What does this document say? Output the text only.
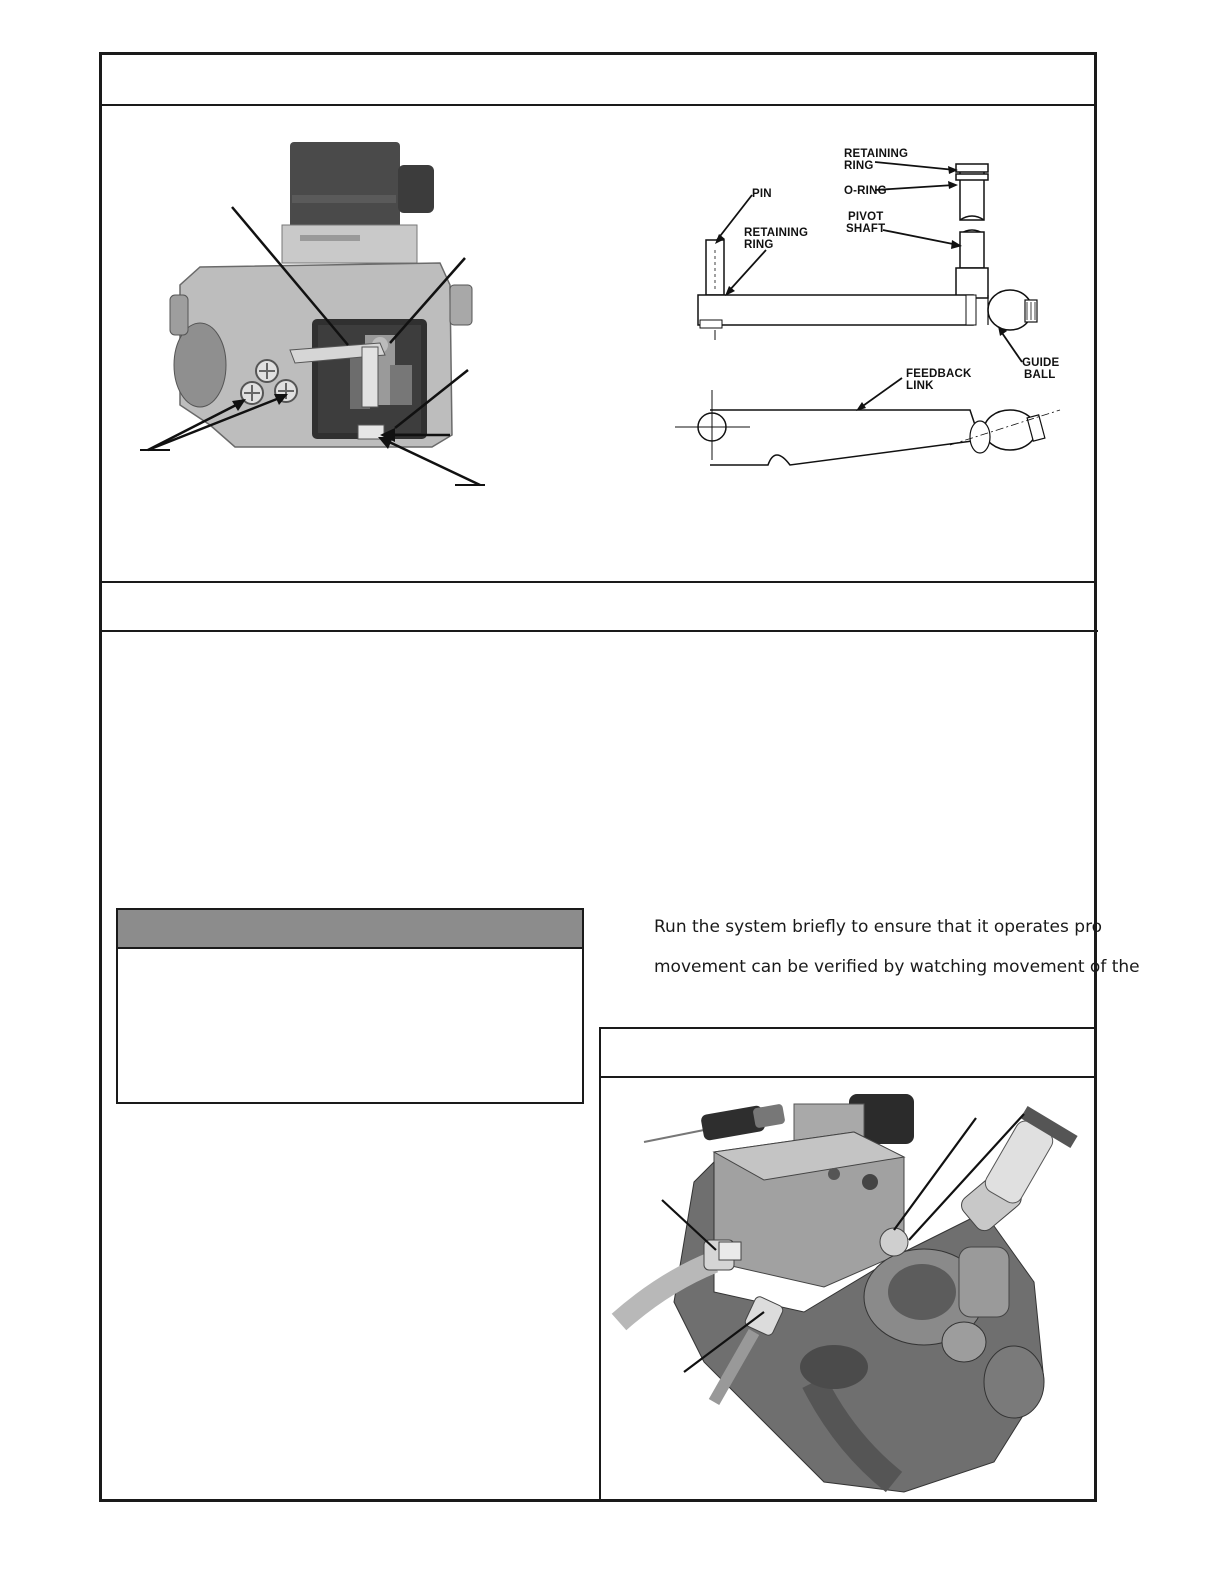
Run the system briefly to ensure that it operates pro
movement can be verified by watching movement of the
RETAINING
RING
O-RING
PIN
PIVOT
SHAFT
RETAINING
RING
GUIDE
BALL
FEEDBACK
LINK
